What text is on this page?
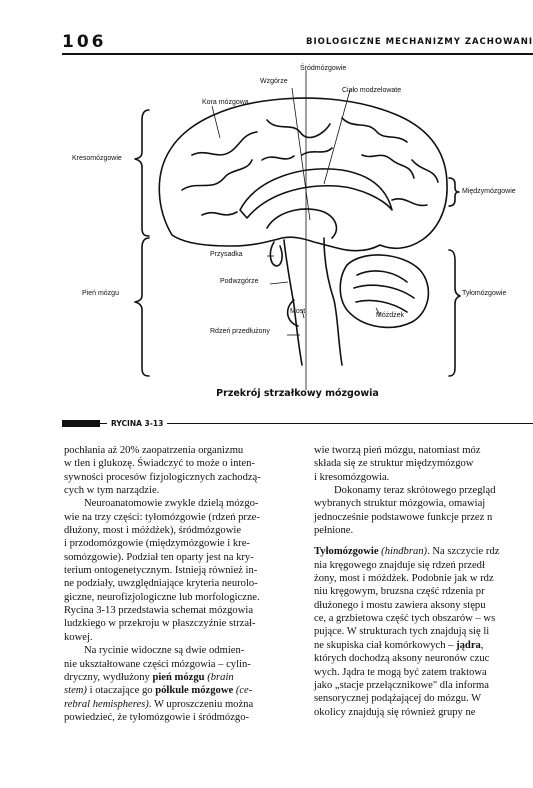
106	BIOLOGICZNE MECHANIZMY ZACHOWANI
Śródmózgowie
Wzgórze
Ciało modzelowate
Kora mózgowa
Kresomózgowie
Międzymózgowie
Przysadka
Podwzgórze
Pień mózgu	Tyłomózgowie
Most
Móżdżek
Rdzeń przedłużony
Przekrój strzałkowy mózgowia
RYCINA 3-13

pochłania aż 20% zaopatrzenia organizmu

w tlen i glukozę. Świadczyć to może o inten-

sywności procesów fizjologicznych zachodzą-

cych w tym narządzie.

Neuroanatomowie zwykle dzielą mózgo-

wie na trzy części: tyłomózgowie (rdzeń prze-

dłużony, most i móżdżek), śródmózgowie

i przodomózgowie (międzymózgowie i kre-

somózgowie). Podział ten oparty jest na kry-

terium ontogenetycznym. Istnieją również in-

ne podziały, uwzględniające kryteria neurolo-

giczne, neurofizjologiczne lub morfologiczne.

Rycina 3-13 przedstawia schemat mózgowia

ludzkiego w przekroju w płaszczyźnie strzał-

kowej.

Na rycinie widoczne są dwie odmien-

nie ukształtowane części mózgowia – cylin-

dryczny, wydłużony pień mózgu (brain

stem) i otaczające go półkule mózgowe (ce-

rebral hemispheres). W uproszczeniu można

powiedzieć, że tyłomózgowie i śródmózgo-

wie tworzą pień mózgu, natomiast móz

składa się ze struktur międzymózgow

i kresomózgowia.

Dokonamy teraz skrótowego przegląd

wybranych struktur mózgowia, omawiaj

jednocześnie podstawowe funkcje przez n

pełnione.

Tyłomózgowie (hindbran). Na szczycie rdz

nia kręgowego znajduje się rdzeń przedł

żony, most i móżdżek. Podobnie jak w rdz

niu kręgowym, bruzsna część rdzenia pr

dłużonego i mostu zawiera aksony stępu

ce, a grzbietowa część tych obszarów – ws

pujące. W strukturach tych znajdują się li

ne skupiska ciał komórkowych – jądra,

których dochodzą aksony neuronów czuc

wych. Jądra te mogą być zatem traktowa

jako „stacje przełącznikowe" dla informa

sensorycznej podążającej do mózgu. W

okolicy znajdują się również grupy ne
